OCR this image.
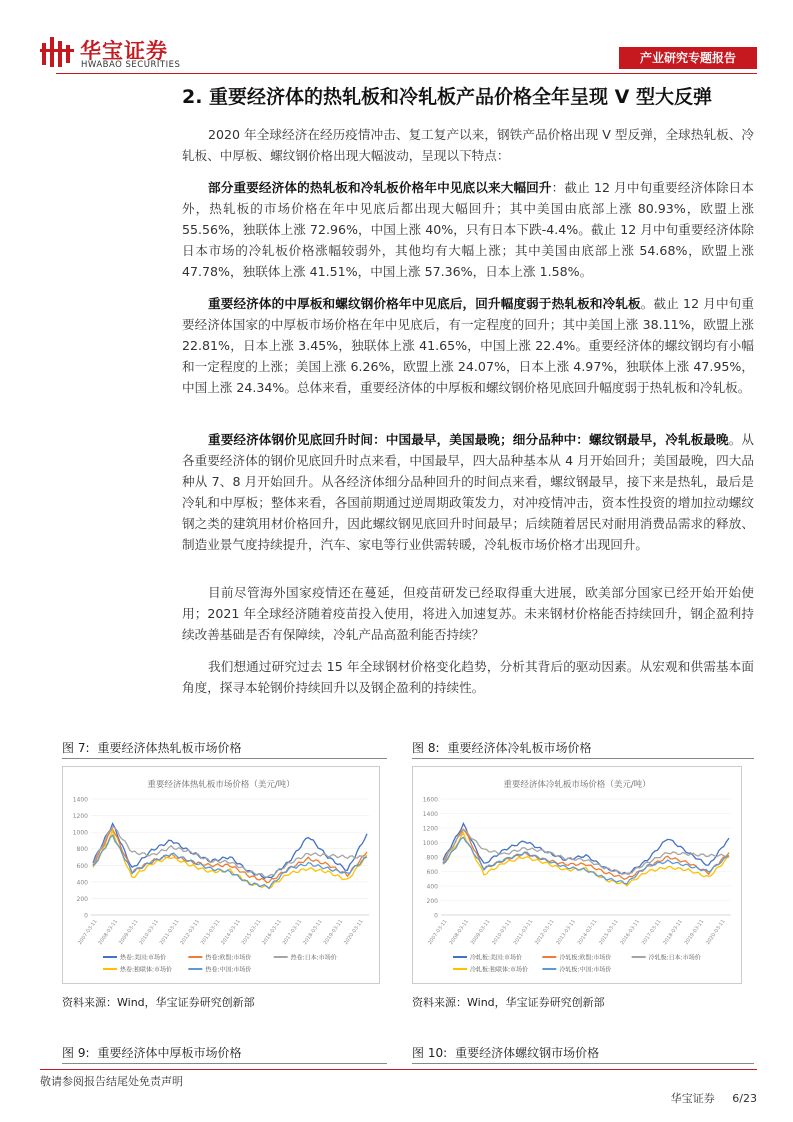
华宝证券
HWABAO SECURITIES	产业研究专题报告
2. 重要经济体的热轧板和冷轧板产品价格全年呈现 V 型大反弹

2020 年全球经济在经历疫情冲击、复工复产以来，钢铁产品价格出现 V 型反弹，全球热轧板、冷轧板、中厚板、螺纹钢价格出现大幅波动，呈现以下特点：

部分重要经济体的热轧板和冷轧板价格年中见底以来大幅回升：截止 12 月中旬重要经济体除日本外，热轧板的市场价格在年中见底后都出现大幅回升；其中美国由底部上涨 80.93%，欧盟上涨 55.56%，独联体上涨 72.96%，中国上涨 40%，只有日本下跌-4.4%。截止 12 月中旬重要经济体除日本市场的冷轧板价格涨幅较弱外，其他均有大幅上涨；其中美国由底部上涨 54.68%，欧盟上涨 47.78%，独联体上涨 41.51%，中国上涨 57.36%，日本上涨 1.58%。

重要经济体的中厚板和螺纹钢价格年中见底后，回升幅度弱于热轧板和冷轧板。截止 12 月中旬重要经济体国家的中厚板市场价格在年中见底后，有一定程度的回升；其中美国上涨 38.11%，欧盟上涨 22.81%，日本上涨 3.45%，独联体上涨 41.65%，中国上涨 22.4%。重要经济体的螺纹钢均有小幅和一定程度的上涨；美国上涨 6.26%，欧盟上涨 24.07%，日本上涨 4.97%，独联体上涨 47.95%，中国上涨 24.34%。总体来看，重要经济体的中厚板和螺纹钢价格见底回升幅度弱于热轧板和冷轧板。

重要经济体钢价见底回升时间：中国最早，美国最晚；细分品种中：螺纹钢最早，冷轧板最晚。从各重要经济体的钢价见底回升时点来看，中国最早，四大品种基本从 4 月开始回升；美国最晚，四大品种从 7、8 月开始回升。从各经济体细分品种回升的时间点来看，螺纹钢最早，接下来是热轧，最后是冷轧和中厚板；整体来看，各国前期通过逆周期政策发力，对冲疫情冲击，资本性投资的增加拉动螺纹钢之类的建筑用材价格回升，因此螺纹钢见底回升时间最早；后续随着居民对耐用消费品需求的释放、制造业景气度持续提升，汽车、家电等行业供需转暖，冷轧板市场价格才出现回升。

目前尽管海外国家疫情还在蔓延，但疫苗研发已经取得重大进展，欧美部分国家已经开始开始使用；2021 年全球经济随着疫苗投入使用，将进入加速复苏。未来钢材价格能否持续回升，钢企盈利持续改善基础是否有保障续，冷轧产品高盈利能否持续？

我们想通过研究过去 15 年全球钢材价格变化趋势，分析其背后的驱动因素。从宏观和供需基本面角度，探寻本轮钢价持续回升以及钢企盈利的持续性。

图 7: 重要经济体热轧板市场价格
重要经济体热轧板市场价格（美元/吨）
0
200
400
600
800
1000
1200
1400
2007-03-11
2008-03-11
2009-03-11
2010-03-11
2011-03-11
2012-03-11
2013-03-11
2014-03-11
2015-03-11
2016-03-11
2017-03-11
2018-03-11
2019-03-11
2020-03-11
热卷:美国:市场价	热卷:欧盟:市场价	热卷:日本:市场价
热卷:独联体:市场价	热卷:中国:市场价
资料来源：Wind，华宝证券研究创新部
图 8: 重要经济体冷轧板市场价格
重要经济体冷轧板市场价格（美元/吨）
0
200
400
600
800
1000
1200
1400
1600
2007-03-11 2008-03-11 2009-03-11 2010-03-11 2011-03-11 2012-03-11 2013-03-11 2014-03-11 2015-03-11 2016-03-11 2017-03-11 2018-03-11 2019-03-11 2020-03-11
冷轧板:美国:市场价	冷轧板:欧盟:市场价	冷轧板:日本:市场价
冷轧板:独联体:市场价	冷轧板:中国:市场价
资料来源：Wind，华宝证券研究创新部
图 9: 重要经济体中厚板市场价格	图 10: 重要经济体螺纹钢市场价格
敬请参阅报告结尾处免责声明
华宝证券 6/23
